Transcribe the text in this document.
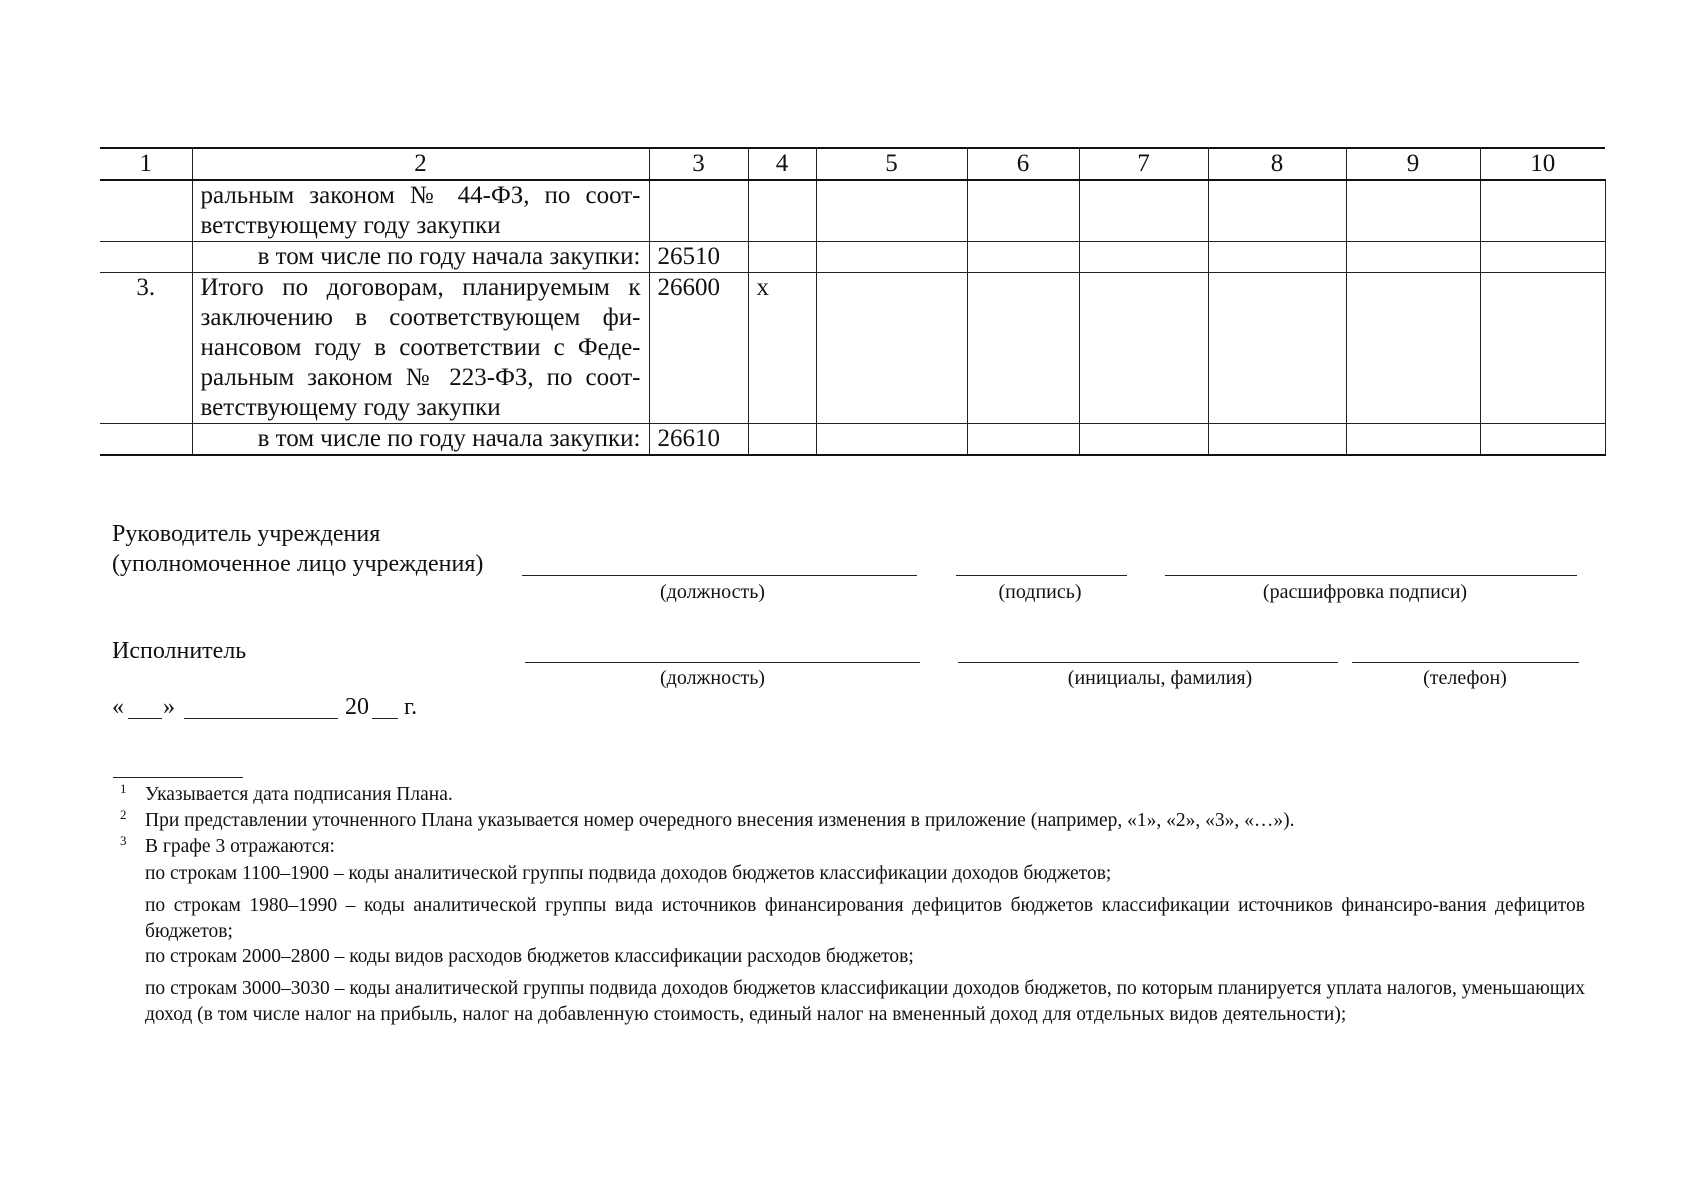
1	2	3	4	5	6	7	8	9	10	

	ральным законом № 44-ФЗ, по соот-
ветствующему году закупки									

	в том числе по году начала закупки:	26510								
3.	Итого по договорам, планируемым к
заключению в соответствующем фи-
нансовом году в соответствии с Феде-
ральным законом № 223-ФЗ, по соот-
ветствующему году закупки	26600	х							
	в том числе по году начала закупки:	26610								
Руководитель учреждения
(уполномоченное лицо учреждения)
(должность)	(подпись)	(расшифровка подписи)
Исполнитель
(должность)	(инициалы, фамилия)	(телефон)
« »	20 г.
1 Указывается дата подписания Плана.
2 При представлении уточненного Плана указывается номер очередного внесения изменения в приложение (например, «1», «2», «3», «…»).
3 В графе 3 отражаются:
по строкам 1100–1900 – коды аналитической группы подвида доходов бюджетов классификации доходов бюджетов;
по строкам 1980–1990 – коды аналитической группы вида источников финансирования дефицитов бюджетов классификации источников финансиро-вания дефицитов бюджетов;
по строкам 2000–2800 – коды видов расходов бюджетов классификации расходов бюджетов;
по строкам 3000–3030 – коды аналитической группы подвида доходов бюджетов классификации доходов бюджетов, по которым планируется уплата налогов, уменьшающих доход (в том числе налог на прибыль, налог на добавленную стоимость, единый налог на вмененный доход для отдельных видов деятельности);
